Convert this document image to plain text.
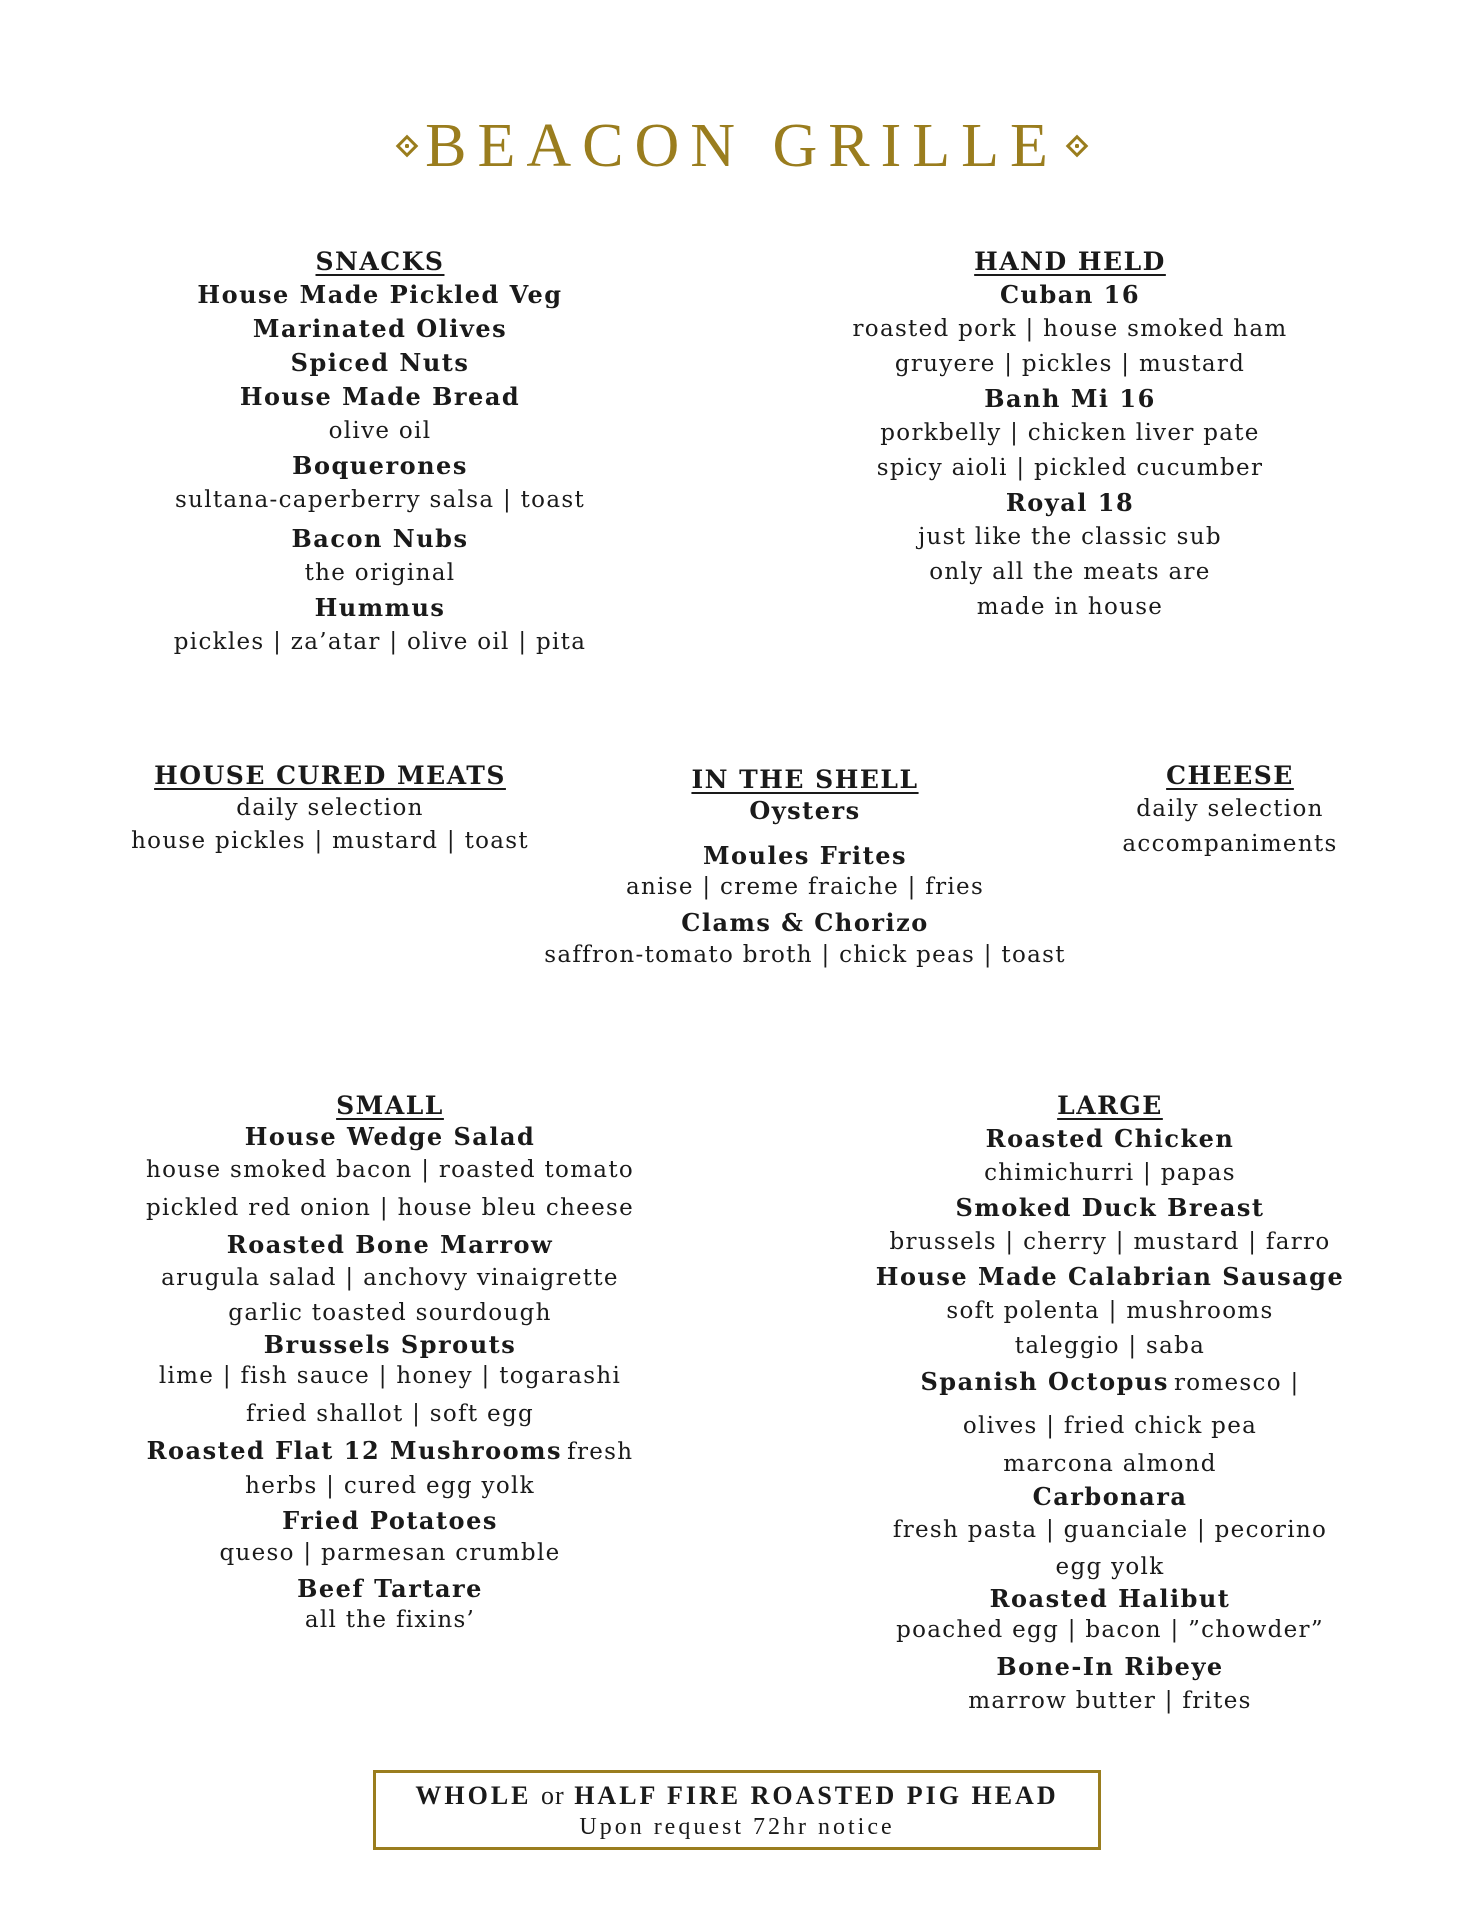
BEACON GRILLE
SNACKS
House Made Pickled Veg
Marinated Olives
Spiced Nuts
House Made Bread
olive oil
Boquerones
sultana-caperberry salsa | toast
Bacon Nubs
the original
Hummus
pickles | za’atar | olive oil | pita
HAND HELD
Cuban 16
roasted pork | house smoked ham
gruyere | pickles | mustard
Banh Mi 16
porkbelly | chicken liver pate
spicy aioli | pickled cucumber
Royal 18
just like the classic sub
only all the meats are
made in house
HOUSE CURED MEATS
daily selection
house pickles | mustard | toast
IN THE SHELL
Oysters
Moules Frites
anise | creme fraiche | fries
Clams & Chorizo
saffron-tomato broth | chick peas | toast
CHEESE
daily selection
accompaniments
SMALL
House Wedge Salad
house smoked bacon | roasted tomato
pickled red onion | house bleu cheese
Roasted Bone Marrow
arugula salad | anchovy vinaigrette
garlic toasted sourdough
Brussels Sprouts
lime | fish sauce | honey | togarashi
fried shallot | soft egg
Roasted Flat 12 Mushrooms fresh
herbs | cured egg yolk
Fried Potatoes
queso | parmesan crumble
Beef Tartare
all the fixins’
LARGE
Roasted Chicken
chimichurri | papas
Smoked Duck Breast
brussels | cherry | mustard | farro
House Made Calabrian Sausage
soft polenta | mushrooms
taleggio | saba
Spanish Octopus romesco |
olives | fried chick pea
marcona almond
Carbonara
fresh pasta | guanciale | pecorino
egg yolk
Roasted Halibut
poached egg | bacon | ”chowder”
Bone-In Ribeye
marrow butter | frites
WHOLE or HALF FIRE ROASTED PIG HEAD
Upon request 72hr notice
